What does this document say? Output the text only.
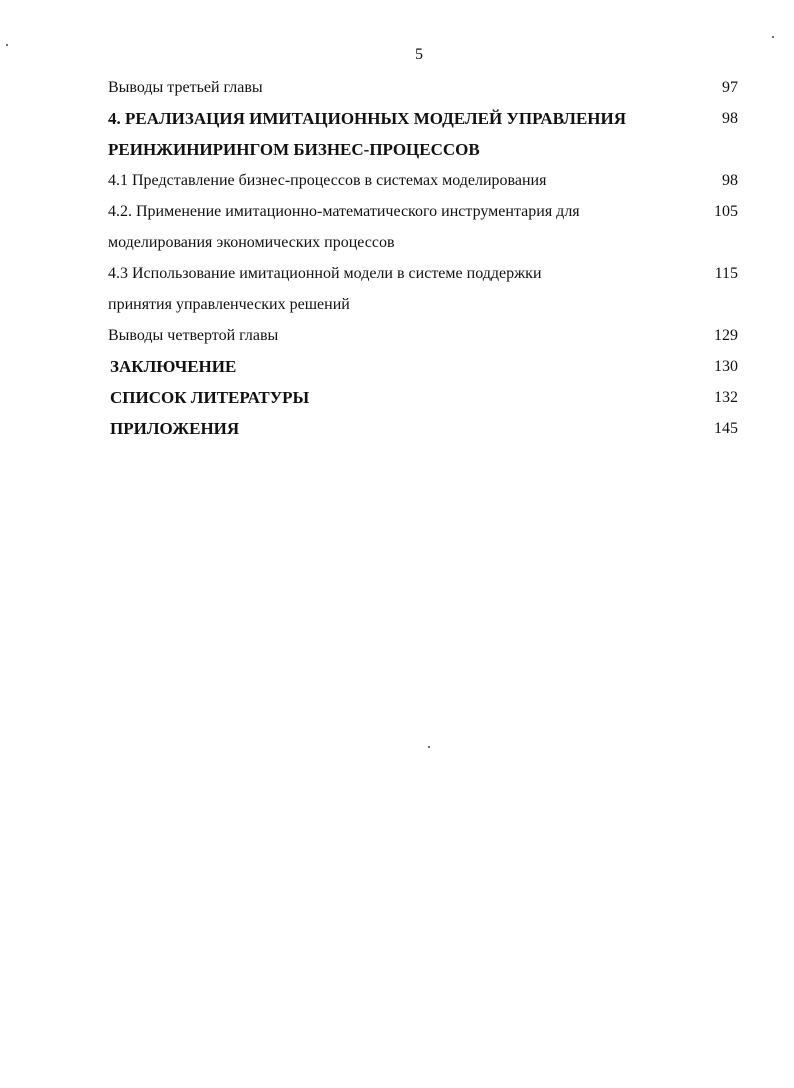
5
Выводы третьей главы	97
4. РЕАЛИЗАЦИЯ ИМИТАЦИОННЫХ МОДЕЛЕЙ УПРАВЛЕНИЯ	98
РЕИНЖИНИРИНГОМ БИЗНЕС-ПРОЦЕССОВ
4.1 Представление бизнес-процессов в системах моделирования	98
4.2. Применение имитационно-математического инструментария для	105
моделирования экономических процессов
4.3 Использование имитационной модели в системе поддержки	115
принятия управленческих решений
Выводы четвертой главы	129
ЗАКЛЮЧЕНИЕ	130
СПИСОК ЛИТЕРАТУРЫ	132
ПРИЛОЖЕНИЯ	145
